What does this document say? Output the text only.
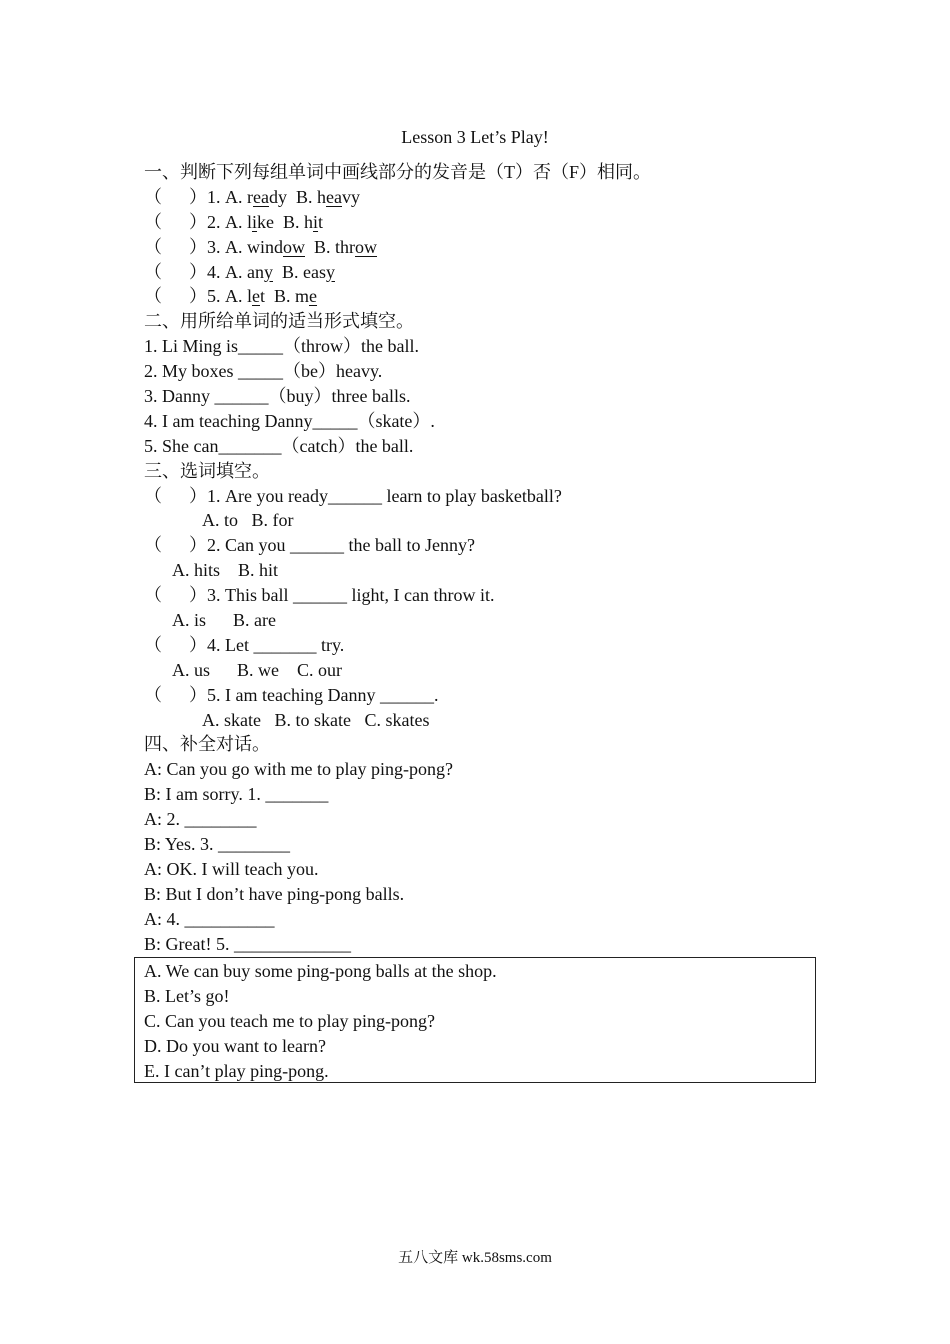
Lesson 3 Let’s Play!
一、判断下列每组单词中画线部分的发音是（T）否（F）相同。
（      ）1. A. ready  B. heavy
（      ）2. A. like  B. hit
（      ）3. A. window  B. throw
（      ）4. A. any  B. easy
（      ）5. A. let  B. me
二、用所给单词的适当形式填空。
1. Li Ming is_____（throw）the ball.
2. My boxes _____（be）heavy.
3. Danny ______（buy）three balls.
4. I am teaching Danny_____（skate）.
5. She can_______（catch）the ball.
三、选词填空。
（      ）1. Are you ready______ learn to play basketball?
A. to   B. for
（      ）2. Can you ______ the ball to Jenny?
A. hits    B. hit
（      ）3. This ball ______ light, I can throw it.
A. is      B. are
（      ）4. Let _______ try.
A. us      B. we    C. our
（      ）5. I am teaching Danny ______.
A. skate   B. to skate   C. skates
四、补全对话。
A: Can you go with me to play ping-pong?
B: I am sorry. 1. _______
A: 2. ________
B: Yes. 3. ________
A: OK. I will teach you.
B: But I don’t have ping-pong balls.
A: 4. __________
B: Great! 5. _____________
A. We can buy some ping-pong balls at the shop.
B. Let’s go!
C. Can you teach me to play ping-pong?
D. Do you want to learn?
E. I can’t play ping-pong.
五八文库 wk.58sms.com
